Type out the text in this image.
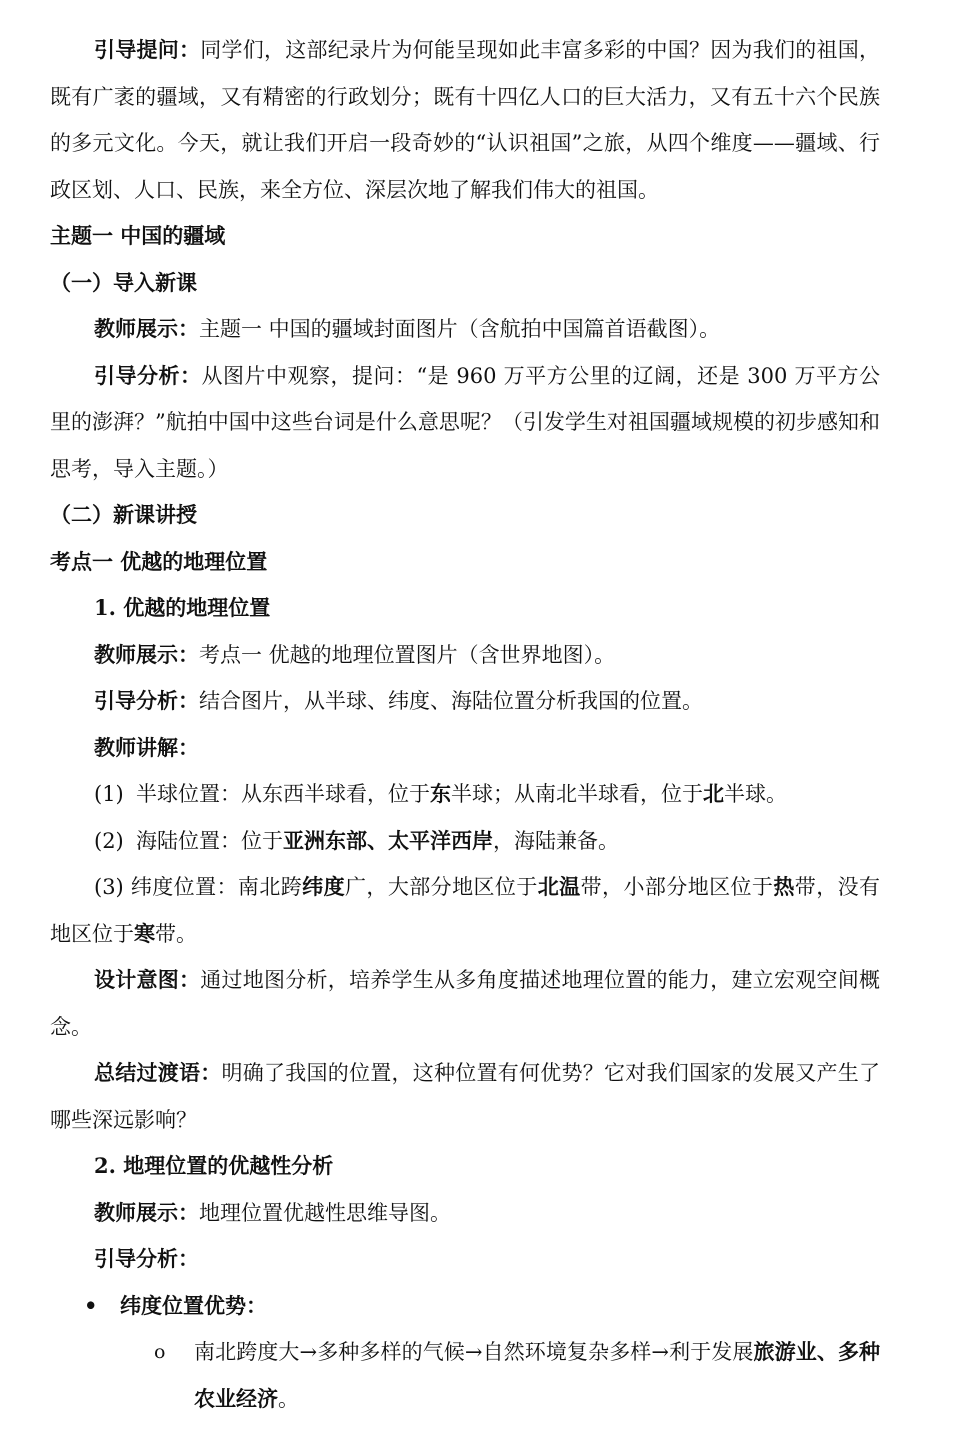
引导提问：同学们，这部纪录片为何能呈现如此丰富多彩的中国？因为我们的祖国，既有广袤的疆域，又有精密的行政划分；既有十四亿人口的巨大活力，又有五十六个民族的多元文化。今天，就让我们开启一段奇妙的“认识祖国”之旅，从四个维度——疆域、行政区划、人口、民族，来全方位、深层次地了解我们伟大的祖国。

主题一 中国的疆域

（一）导入新课

教师展示：主题一 中国的疆域封面图片（含航拍中国篇首语截图）。

引导分析：从图片中观察，提问：“是 960 万平方公里的辽阔，还是 300 万平方公里的澎湃？”航拍中国中这些台词是什么意思呢？（引发学生对祖国疆域规模的初步感知和思考，导入主题。）

（二）新课讲授

考点一 优越的地理位置

1. 优越的地理位置

教师展示：考点一 优越的地理位置图片（含世界地图）。

引导分析：结合图片，从半球、纬度、海陆位置分析我国的位置。

教师讲解：

(1) 半球位置：从东西半球看，位于东半球；从南北半球看，位于北半球。

(2) 海陆位置：位于亚洲东部、太平洋西岸，海陆兼备。

(3) 纬度位置：南北跨纬度广，大部分地区位于北温带，小部分地区位于热带，没有地区位于寒带。

设计意图：通过地图分析，培养学生从多角度描述地理位置的能力，建立宏观空间概念。

总结过渡语：明确了我国的位置，这种位置有何优势？它对我们国家的发展又产生了哪些深远影响？

2. 地理位置的优越性分析

教师展示：地理位置优越性思维导图。

引导分析：

• 纬度位置优势：

o 南北跨度大→多种多样的气候→自然环境复杂多样→利于发展旅游业、多种农业经济。
